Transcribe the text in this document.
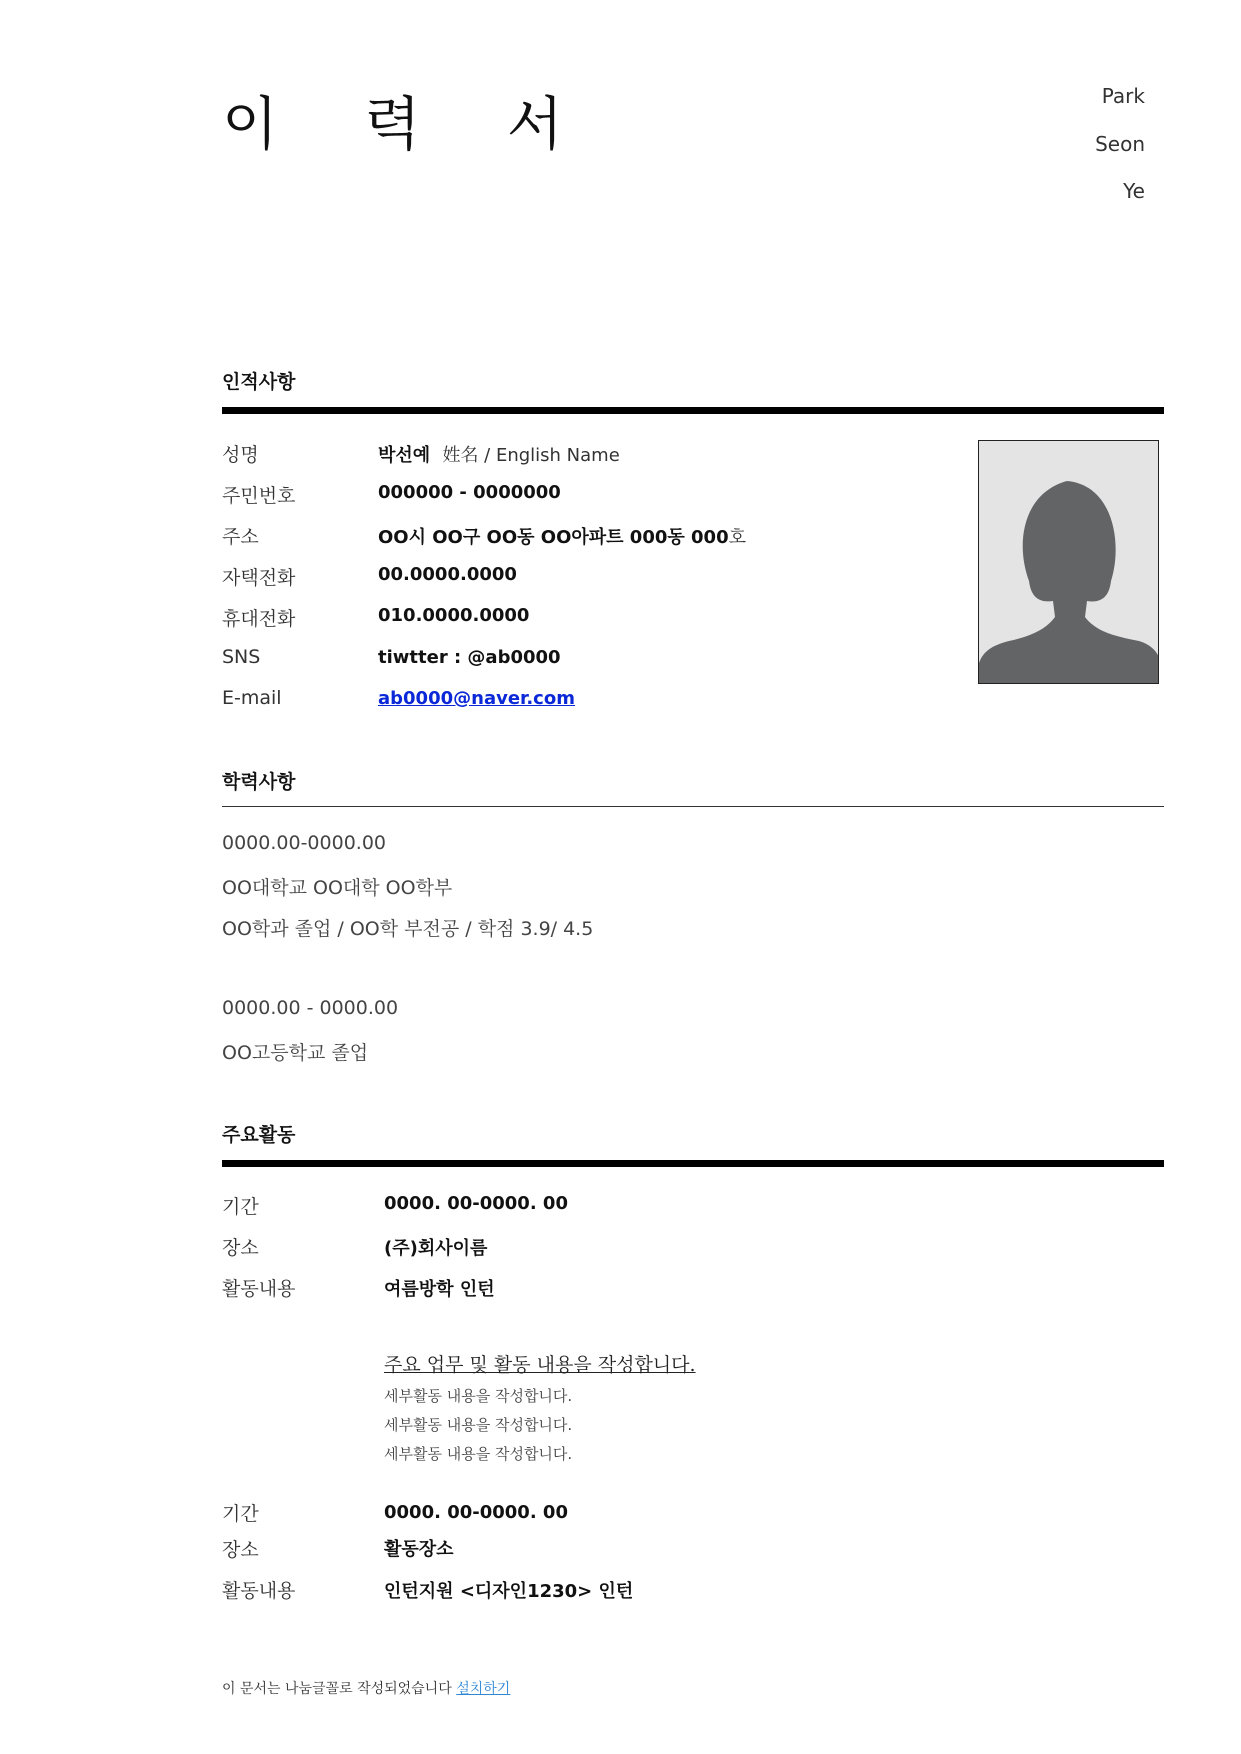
이 력 서	Park
Seon
Ye
인적사항
성명	박선예 姓名 / English Name
주민번호	000000 - 0000000
주소	OO시 OO구 OO동 OO아파트 000동 000호
자택전화	00.0000.0000
휴대전화	010.0000.0000
SNS	tiwtter : @ab0000
E-mail	ab0000@naver.com
학력사항
0000.00-0000.00
OO대학교 OO대학 OO학부
OO학과 졸업 / OO학 부전공 / 학점 3.9/ 4.5
0000.00 - 0000.00
OO고등학교 졸업
주요활동
기간	0000. 00-0000. 00
장소	(주)회사이름
활동내용	여름방학 인턴
주요 업무 및 활동 내용을 작성합니다.
세부활동 내용을 작성합니다.
세부활동 내용을 작성합니다.
세부활동 내용을 작성합니다.
기간	0000. 00-0000. 00
장소	활동장소
활동내용	인턴지원 <디자인1230> 인턴
이 문서는 나눔글꼴로 작성되었습니다 설치하기
